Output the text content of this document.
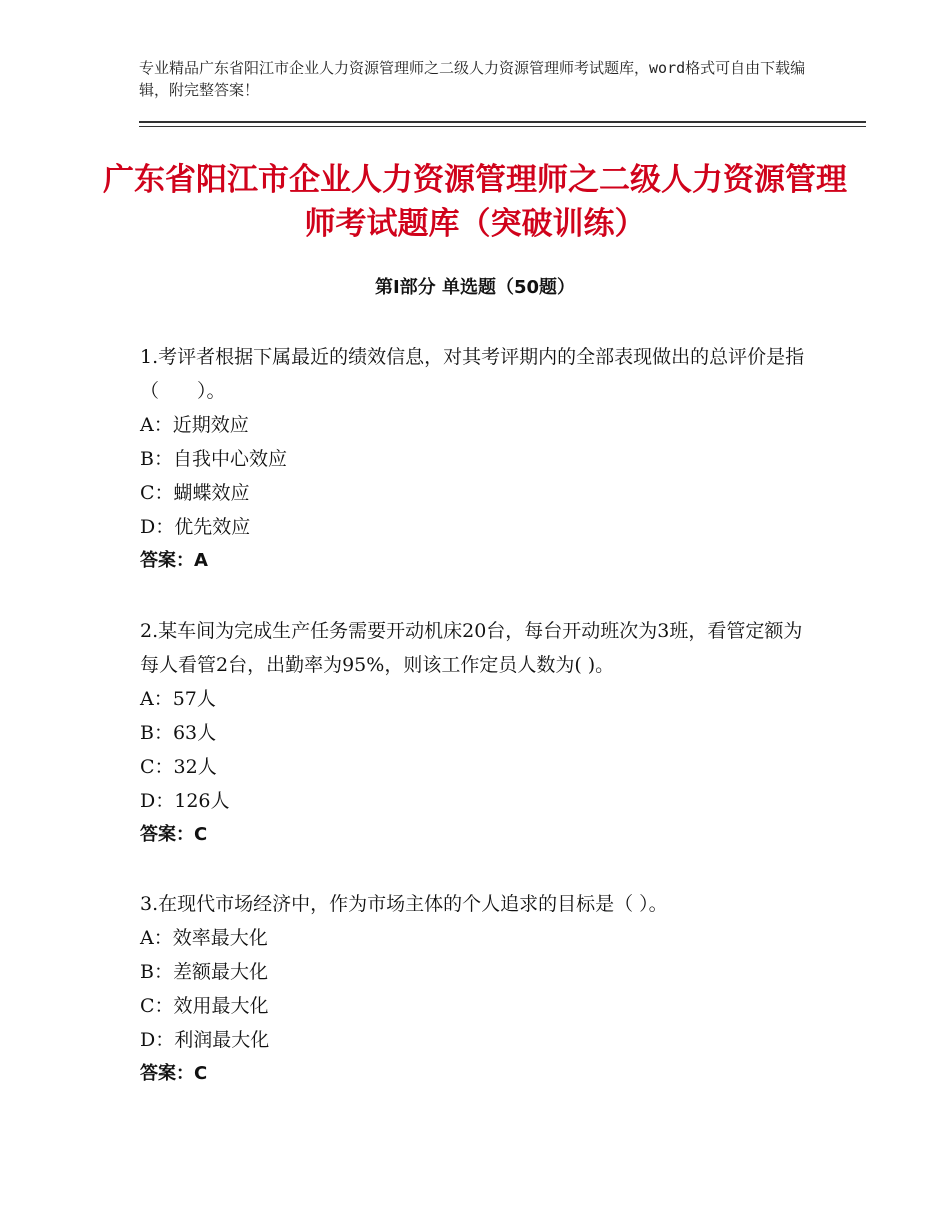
专业精品广东省阳江市企业人力资源管理师之二级人力资源管理师考试题库，word格式可自由下载编辑，附完整答案！
广东省阳江市企业人力资源管理师之二级人力资源管理师考试题库（突破训练）
第Ⅰ部分 单选题（50题）

1.考评者根据下属最近的绩效信息，对其考评期内的全部表现做出的总评价是指（　　）。

A：近期效应

B：自我中心效应

C：蝴蝶效应

D：优先效应

答案：A

2.某车间为完成生产任务需要开动机床20台，每台开动班次为3班，看管定额为每人看管2台，出勤率为95%，则该工作定员人数为( )。

A：57人

B：63人

C：32人

D：126人

答案：C

3.在现代市场经济中，作为市场主体的个人追求的目标是（ ）。

A：效率最大化

B：差额最大化

C：效用最大化

D：利润最大化

答案：C
